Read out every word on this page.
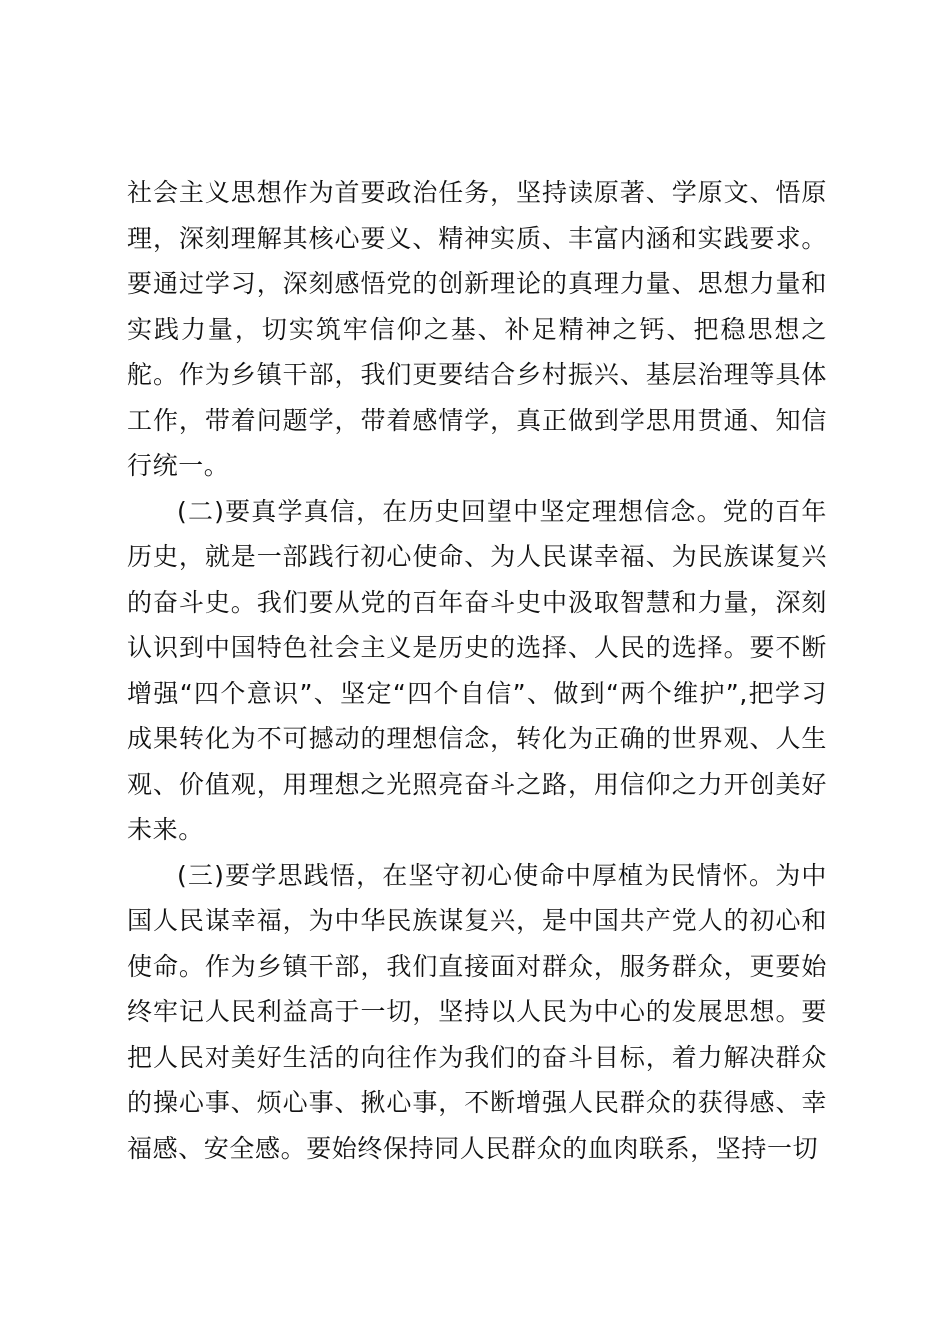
社会主义思想作为首要政治任务，坚持读原著、学原文、悟原理，深刻理解其核心要义、精神实质、丰富内涵和实践要求。要通过学习，深刻感悟党的创新理论的真理力量、思想力量和实践力量，切实筑牢信仰之基、补足精神之钙、把稳思想之舵。作为乡镇干部，我们更要结合乡村振兴、基层治理等具体工作，带着问题学，带着感情学，真正做到学思用贯通、知信行统一。

(二)要真学真信，在历史回望中坚定理想信念。党的百年历史，就是一部践行初心使命、为人民谋幸福、为民族谋复兴的奋斗史。我们要从党的百年奋斗史中汲取智慧和力量，深刻认识到中国特色社会主义是历史的选择、人民的选择。要不断增强“四个意识”、坚定“四个自信”、做到“两个维护”,把学习成果转化为不可撼动的理想信念，转化为正确的世界观、人生观、价值观，用理想之光照亮奋斗之路，用信仰之力开创美好未来。

(三)要学思践悟，在坚守初心使命中厚植为民情怀。为中国人民谋幸福，为中华民族谋复兴，是中国共产党人的初心和使命。作为乡镇干部，我们直接面对群众，服务群众，更要始终牢记人民利益高于一切，坚持以人民为中心的发展思想。要把人民对美好生活的向往作为我们的奋斗目标，着力解决群众的操心事、烦心事、揪心事，不断增强人民群众的获得感、幸福感、安全感。要始终保持同人民群众的血肉联系，坚持一切
